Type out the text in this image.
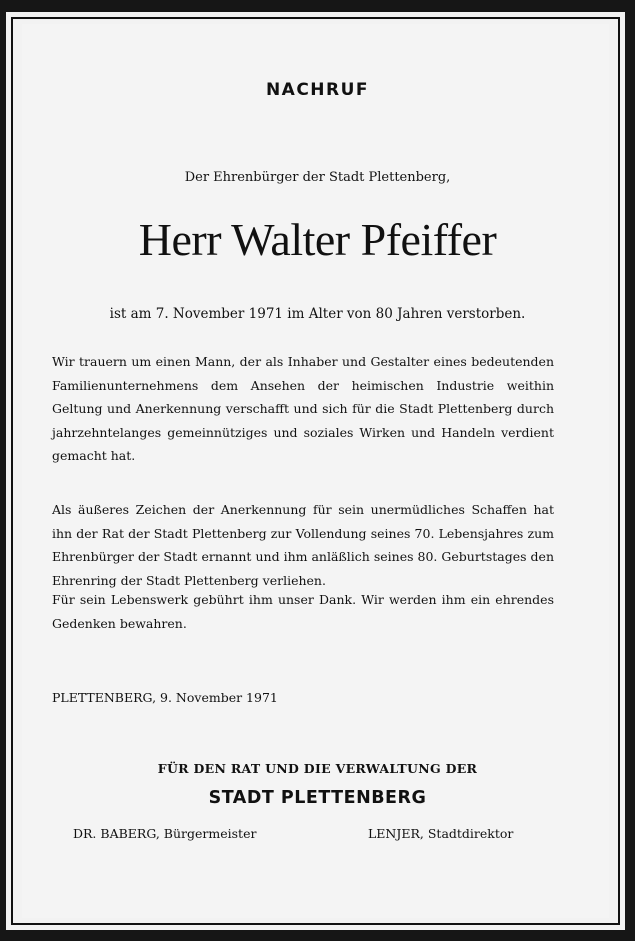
NACHRUF
Der Ehrenbürger der Stadt Plettenberg,
Herr Walter Pfeiffer
ist am 7. November 1971 im Alter von 80 Jahren verstorben.
Wir trauern um einen Mann, der als Inhaber und Gestalter eines bedeutenden Familienunternehmens dem Ansehen der heimischen Industrie weithin Geltung und Anerkennung verschafft und sich für die Stadt Plettenberg durch jahrzehntelanges gemeinnütziges und soziales Wirken und Handeln verdient gemacht hat.
Als äußeres Zeichen der Anerkennung für sein unermüdliches Schaffen hat ihn der Rat der Stadt Plettenberg zur Vollendung seines 70. Lebensjahres zum Ehrenbürger der Stadt ernannt und ihm anläßlich seines 80. Geburtstages den Ehrenring der Stadt Plettenberg verliehen.
Für sein Lebenswerk gebührt ihm unser Dank. Wir werden ihm ein ehrendes Gedenken bewahren.
PLETTENBERG, 9. November 1971
FÜR DEN RAT UND DIE VERWALTUNG DER
STADT PLETTENBERG
DR. BABERG, Bürgermeister	LENJER, Stadtdirektor
